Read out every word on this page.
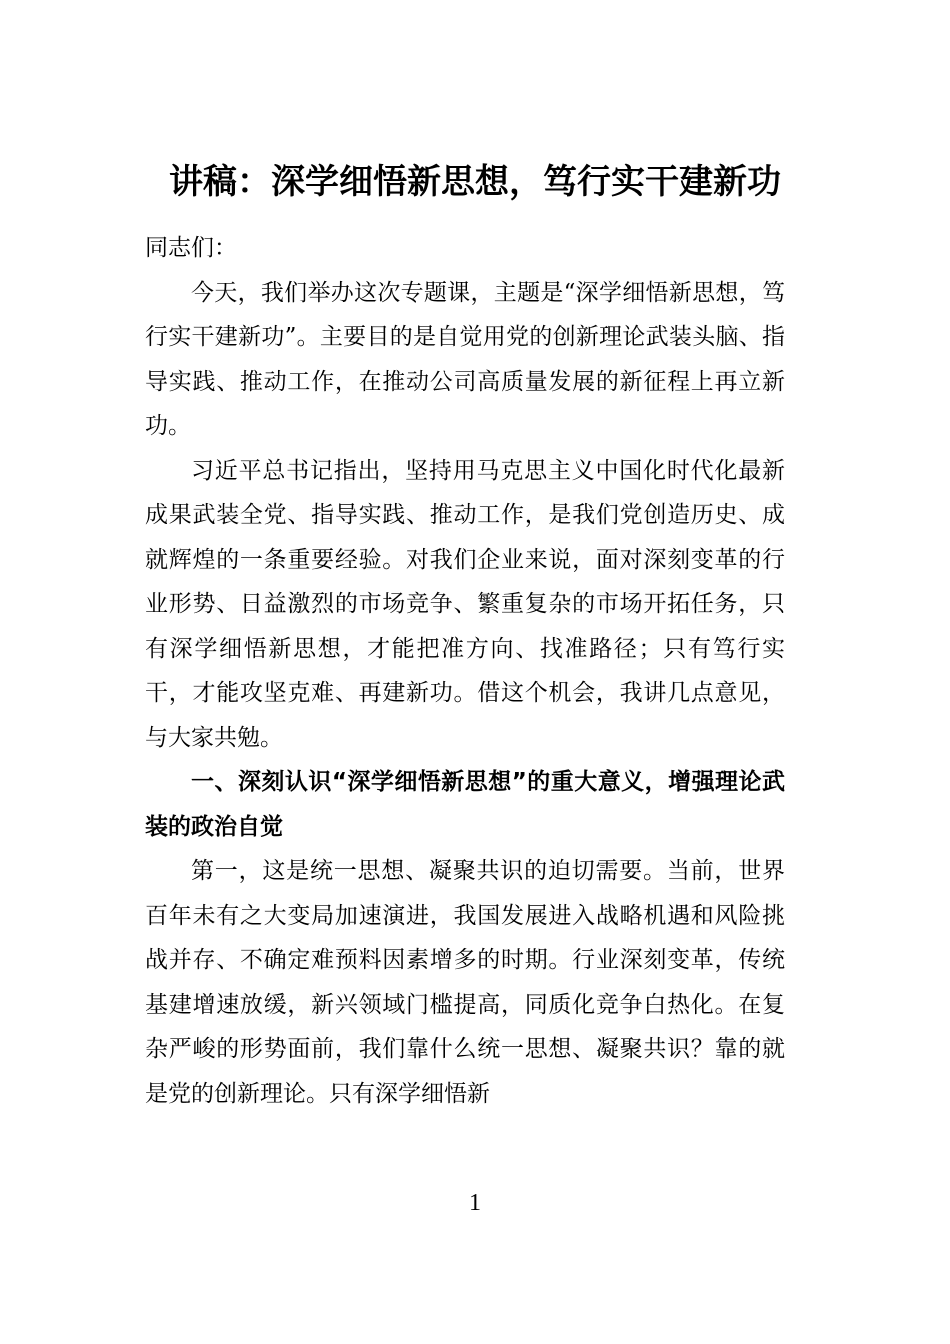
讲稿：深学细悟新思想，笃行实干建新功

同志们：

今天，我们举办这次专题课，主题是“深学细悟新思想，笃行实干建新功”。主要目的是自觉用党的创新理论武装头脑、指导实践、推动工作，在推动公司高质量发展的新征程上再立新功。

习近平总书记指出，坚持用马克思主义中国化时代化最新成果武装全党、指导实践、推动工作，是我们党创造历史、成就辉煌的一条重要经验。对我们企业来说，面对深刻变革的行业形势、日益激烈的市场竞争、繁重复杂的市场开拓任务，只有深学细悟新思想，才能把准方向、找准路径；只有笃行实干，才能攻坚克难、再建新功。借这个机会，我讲几点意见，与大家共勉。

一、深刻认识“深学细悟新思想”的重大意义，增强理论武装的政治自觉

第一，这是统一思想、凝聚共识的迫切需要。当前，世界百年未有之大变局加速演进，我国发展进入战略机遇和风险挑战并存、不确定难预料因素增多的时期。行业深刻变革，传统基建增速放缓，新兴领域门槛提高，同质化竞争白热化。在复杂严峻的形势面前，我们靠什么统一思想、凝聚共识？靠的就是党的创新理论。只有深学细悟新

1
